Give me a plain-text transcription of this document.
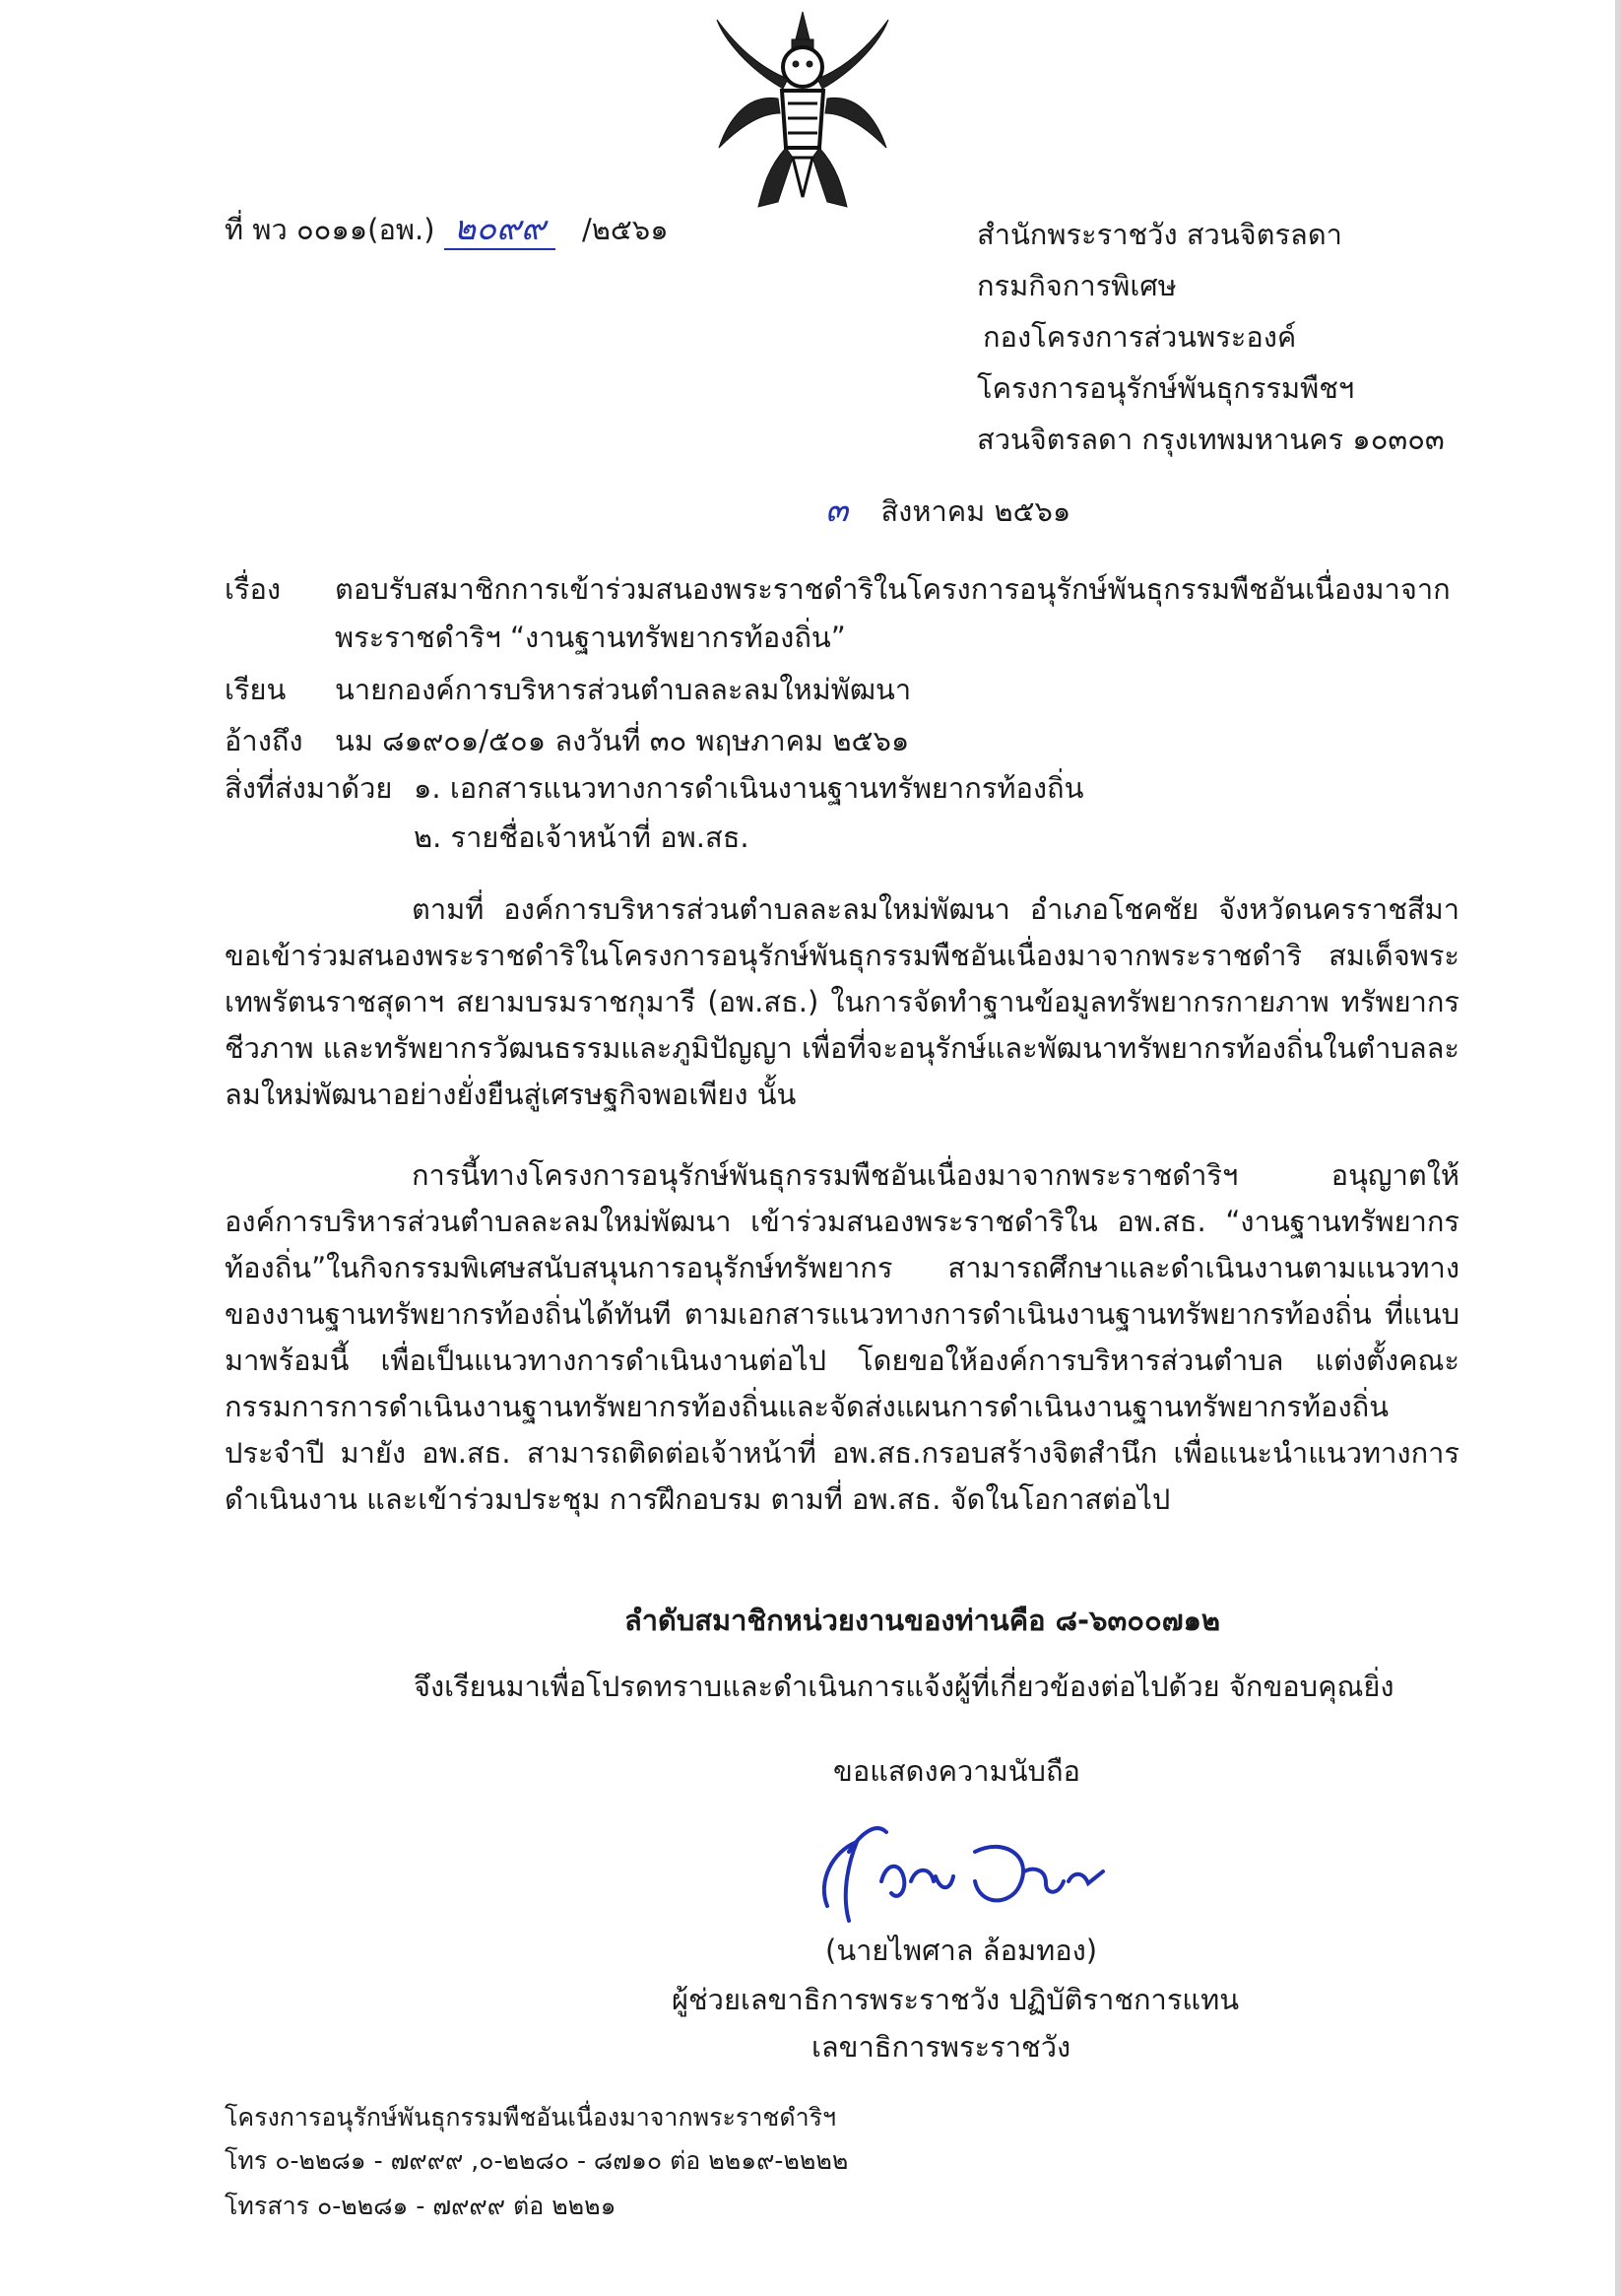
ที่ พว ๐๐๑๑(อพ.) ๒๐๙๙ /๒๕๖๑	สำนักพระราชวัง สวนจิตรลดา
กรมกิจการพิเศษ
กองโครงการส่วนพระองค์
โครงการอนุรักษ์พันธุกรรมพืชฯ
สวนจิตรลดา กรุงเทพมหานคร ๑๐๓๐๓
๓ สิงหาคม ๒๕๖๑
เรื่อง ตอบรับสมาชิกการเข้าร่วมสนองพระราชดำริในโครงการอนุรักษ์พันธุกรรมพืชอันเนื่องมาจาก
พระราชดำริฯ “งานฐานทรัพยากรท้องถิ่น”
เรียน นายกองค์การบริหารส่วนตำบลละลมใหม่พัฒนา
อ้างถึง นม ๘๑๙๐๑/๕๐๑ ลงวันที่ ๓๐ พฤษภาคม ๒๕๖๑
สิ่งที่ส่งมาด้วย ๑. เอกสารแนวทางการดำเนินงานฐานทรัพยากรท้องถิ่น
๒. รายชื่อเจ้าหน้าที่ อพ.สธ.
ตามที่ องค์การบริหารส่วนตำบลละลมใหม่พัฒนา อำเภอโชคชัย จังหวัดนครราชสีมา ขอเข้าร่วมสนองพระราชดำริในโครงการอนุรักษ์พันธุกรรมพืชอันเนื่องมาจากพระราชดำริ สมเด็จพระเทพรัตนราชสุดาฯ สยามบรมราชกุมารี (อพ.สธ.) ในการจัดทำฐานข้อมูลทรัพยากรกายภาพ ทรัพยากรชีวภาพ และทรัพยากรวัฒนธรรมและภูมิปัญญา เพื่อที่จะอนุรักษ์และพัฒนาทรัพยากรท้องถิ่นในตำบลละลมใหม่พัฒนาอย่างยั่งยืนสู่เศรษฐกิจพอเพียง นั้น
การนี้ทางโครงการอนุรักษ์พันธุกรรมพืชอันเนื่องมาจากพระราชดำริฯ อนุญาตให้องค์การบริหารส่วนตำบลละลมใหม่พัฒนา เข้าร่วมสนองพระราชดำริใน อพ.สธ. “งานฐานทรัพยากรท้องถิ่น”ในกิจกรรมพิเศษสนับสนุนการอนุรักษ์ทรัพยากร สามารถศึกษาและดำเนินงานตามแนวทางของงานฐานทรัพยากรท้องถิ่นได้ทันที ตามเอกสารแนวทางการดำเนินงานฐานทรัพยากรท้องถิ่น ที่แนบมาพร้อมนี้ เพื่อเป็นแนวทางการดำเนินงานต่อไป โดยขอให้องค์การบริหารส่วนตำบล แต่งตั้งคณะกรรมการการดำเนินงานฐานทรัพยากรท้องถิ่นและจัดส่งแผนการดำเนินงานฐานทรัพยากรท้องถิ่นประจำปี มายัง อพ.สธ. สามารถติดต่อเจ้าหน้าที่ อพ.สธ.กรอบสร้างจิตสำนึก เพื่อแนะนำแนวทางการดำเนินงาน และเข้าร่วมประชุม การฝึกอบรม ตามที่ อพ.สธ. จัดในโอกาสต่อไป
ลำดับสมาชิกหน่วยงานของท่านคือ ๘-๖๓๐๐๗๑๒
จึงเรียนมาเพื่อโปรดทราบและดำเนินการแจ้งผู้ที่เกี่ยวข้องต่อไปด้วย จักขอบคุณยิ่ง
ขอแสดงความนับถือ
(นายไพศาล ล้อมทอง)
ผู้ช่วยเลขาธิการพระราชวัง ปฏิบัติราชการแทน
เลขาธิการพระราชวัง
โครงการอนุรักษ์พันธุกรรมพืชอันเนื่องมาจากพระราชดำริฯ
โทร ๐-๒๒๘๑ - ๗๙๙๙ ,๐-๒๒๘๐ - ๘๗๑๐ ต่อ ๒๒๑๙-๒๒๒๒
โทรสาร ๐-๒๒๘๑ - ๗๙๙๙ ต่อ ๒๒๒๑
